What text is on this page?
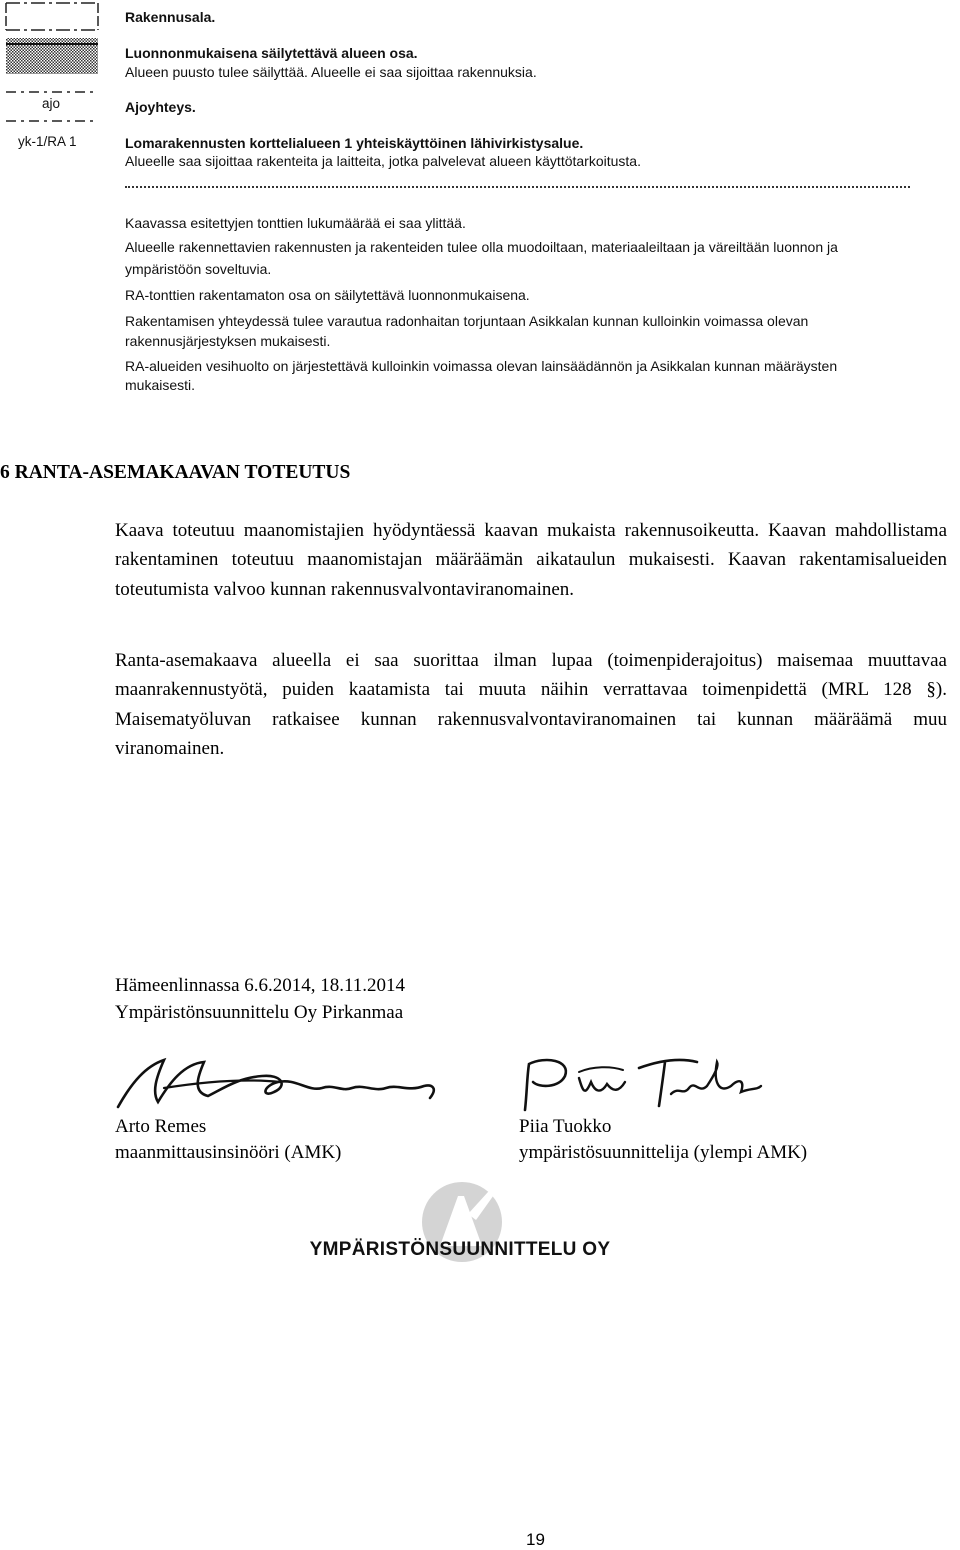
ajo
yk-1/RA 1
Rakennusala.
Luonnonmukaisena säilytettävä alueen osa.
Alueen puusto tulee säilyttää. Alueelle ei saa sijoittaa rakennuksia.
Ajoyhteys.
Lomarakennusten korttelialueen 1 yhteiskäyttöinen lähivirkistysalue.
Alueelle saa sijoittaa rakenteita ja laitteita, jotka palvelevat alueen käyttötarkoitusta.
Kaavassa esitettyjen tonttien lukumäärää ei saa ylittää.
Alueelle rakennettavien rakennusten ja rakenteiden tulee olla muodoiltaan, materiaaleiltaan ja väreiltään luonnon ja
ympäristöön soveltuvia.
RA-tonttien rakentamaton osa on säilytettävä luonnonmukaisena.
Rakentamisen yhteydessä tulee varautua radonhaitan torjuntaan Asikkalan kunnan kulloinkin voimassa olevan
rakennusjärjestyksen mukaisesti.
RA-alueiden vesihuolto on järjestettävä kulloinkin voimassa olevan lainsäädännön ja Asikkalan kunnan määräysten
mukaisesti.
6 RANTA-ASEMAKAAVAN TOTEUTUS

Kaava toteutuu maanomistajien hyödyntäessä kaavan mukaista rakennusoikeutta. Kaavan mahdollistama rakentaminen toteutuu maanomistajan määräämän aikataulun mukaisesti. Kaavan rakentamisalueiden toteutumista valvoo kunnan rakennusvalvontaviranomainen.

Ranta-asemakaava alueella ei saa suorittaa ilman lupaa (toimenpiderajoitus) maisemaa muuttavaa maanrakennustyötä, puiden kaatamista tai muuta näihin verrattavaa toimenpidettä (MRL 128 §). Maisematyöluvan ratkaisee kunnan rakennusvalvontaviranomainen tai kunnan määräämä muu viranomainen.

Hämeenlinnassa 6.6.2014, 18.11.2014
Ympäristönsuunnittelu Oy Pirkanmaa
Arto Remes
maanmittausinsinööri (AMK)
Piia Tuokko
ympäristösuunnittelija (ylempi AMK)
YMPÄRISTÖNSUUNNITTELU OY
19
